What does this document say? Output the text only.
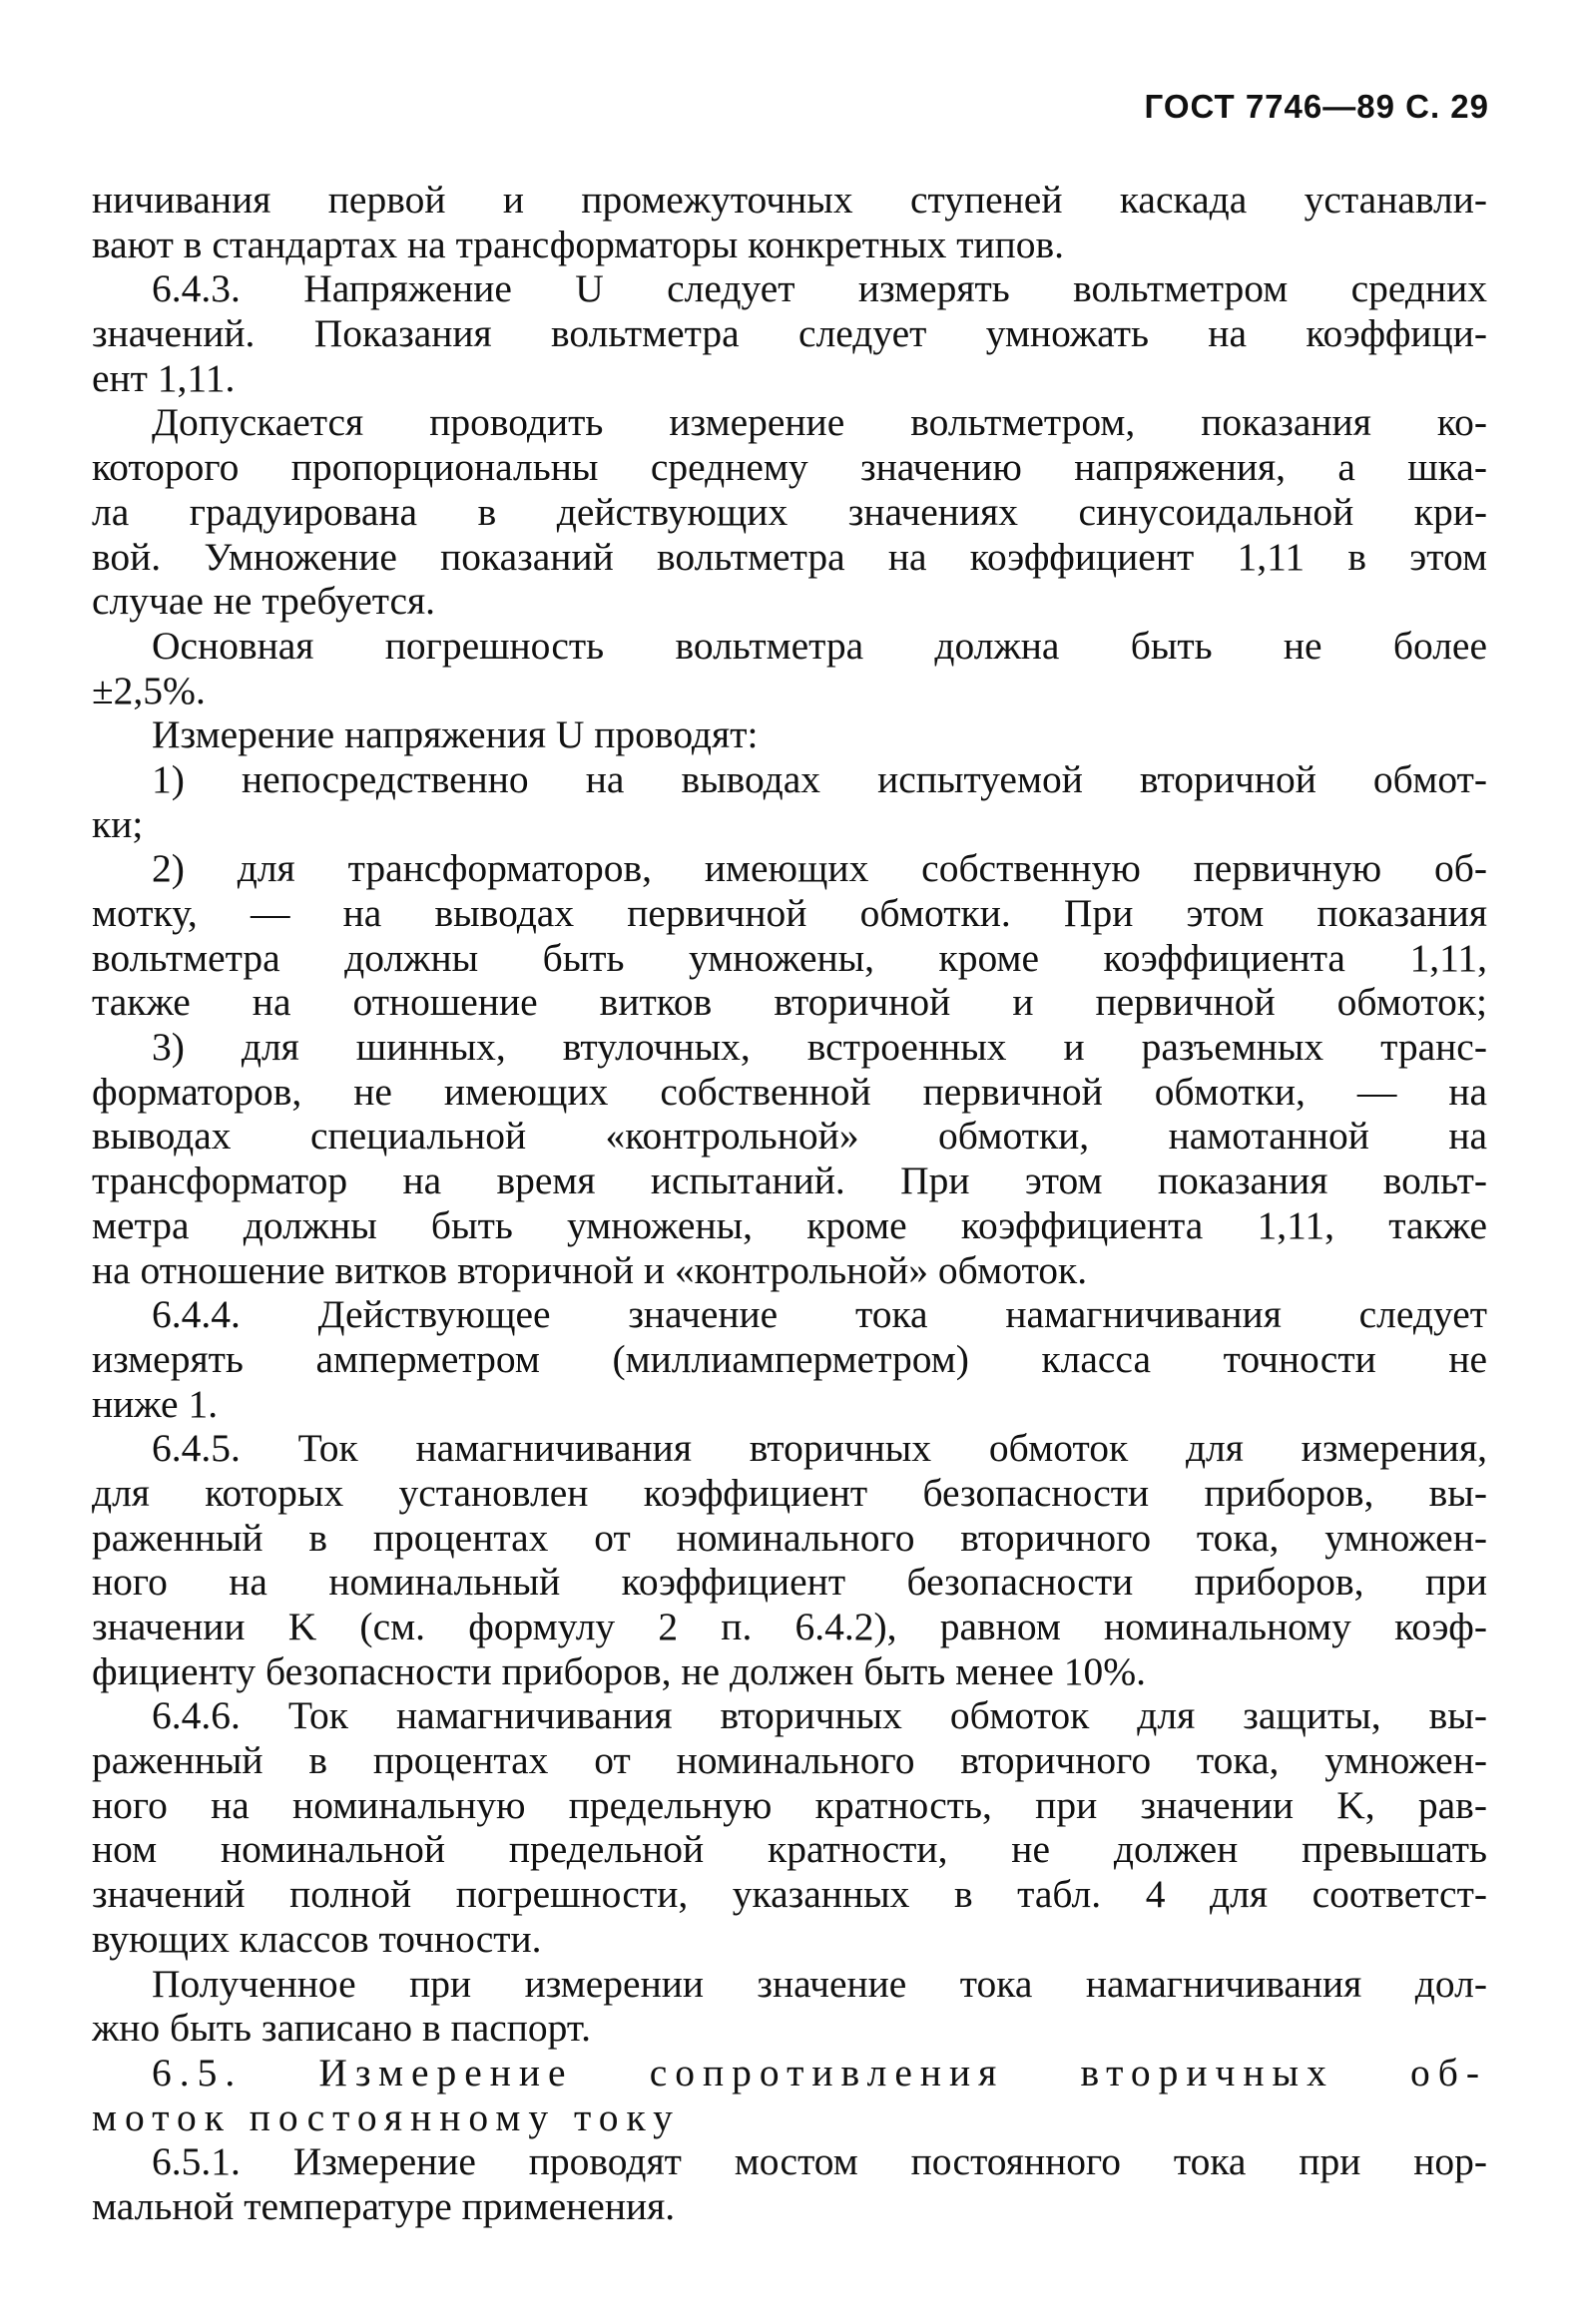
ГОСТ 7746—89 С. 29
ничивания первой и промежуточных ступеней каскада устанавли-
вают в стандартах на трансформаторы конкретных типов.
6.4.3. Напряжение U следует измерять вольтметром средних
значений. Показания вольтметра следует умножать на коэффици-
ент 1,11.
Допускается проводить измерение вольтметром, показания ко-
которого пропорциональны среднему значению напряжения, а шка-
ла градуирована в действующих значениях синусоидальной кри-
вой. Умножение показаний вольтметра на коэффициент 1,11 в этом
случае не требуется.
Основная погрешность вольтметра должна быть не более
±2,5%.
Измерение напряжения U проводят:
1) непосредственно на выводах испытуемой вторичной обмот-
ки;
2) для трансформаторов, имеющих собственную первичную об-
мотку, — на выводах первичной обмотки. При этом показания
вольтметра должны быть умножены, кроме коэффициента 1,11,
также на отношение витков вторичной и первичной обмоток;
3) для шинных, втулочных, встроенных и разъемных транс-
форматоров, не имеющих собственной первичной обмотки, — на
выводах специальной «контрольной» обмотки, намотанной на
трансформатор на время испытаний. При этом показания вольт-
метра должны быть умножены, кроме коэффициента 1,11, также
на отношение витков вторичной и «контрольной» обмоток.
6.4.4. Действующее значение тока намагничивания следует
измерять амперметром (миллиамперметром) класса точности не
ниже 1.
6.4.5. Ток намагничивания вторичных обмоток для измерения,
для которых установлен коэффициент безопасности приборов, вы-
раженный в процентах от номинального вторичного тока, умножен-
ного на номинальный коэффициент безопасности приборов, при
значении K (см. формулу 2 п. 6.4.2), равном номинальному коэф-
фициенту безопасности приборов, не должен быть менее 10%.
6.4.6. Ток намагничивания вторичных обмоток для защиты, вы-
раженный в процентах от номинального вторичного тока, умножен-
ного на номинальную предельную кратность, при значении K, рав-
ном номинальной предельной кратности, не должен превышать
значений полной погрешности, указанных в табл. 4 для соответст-
вующих классов точности.
Полученное при измерении значение тока намагничивания дол-
жно быть записано в паспорт.
6.5. Измерение сопротивления вторичных об-
моток постоянному току
6.5.1. Измерение проводят мостом постоянного тока при нор-
мальной температуре применения.
